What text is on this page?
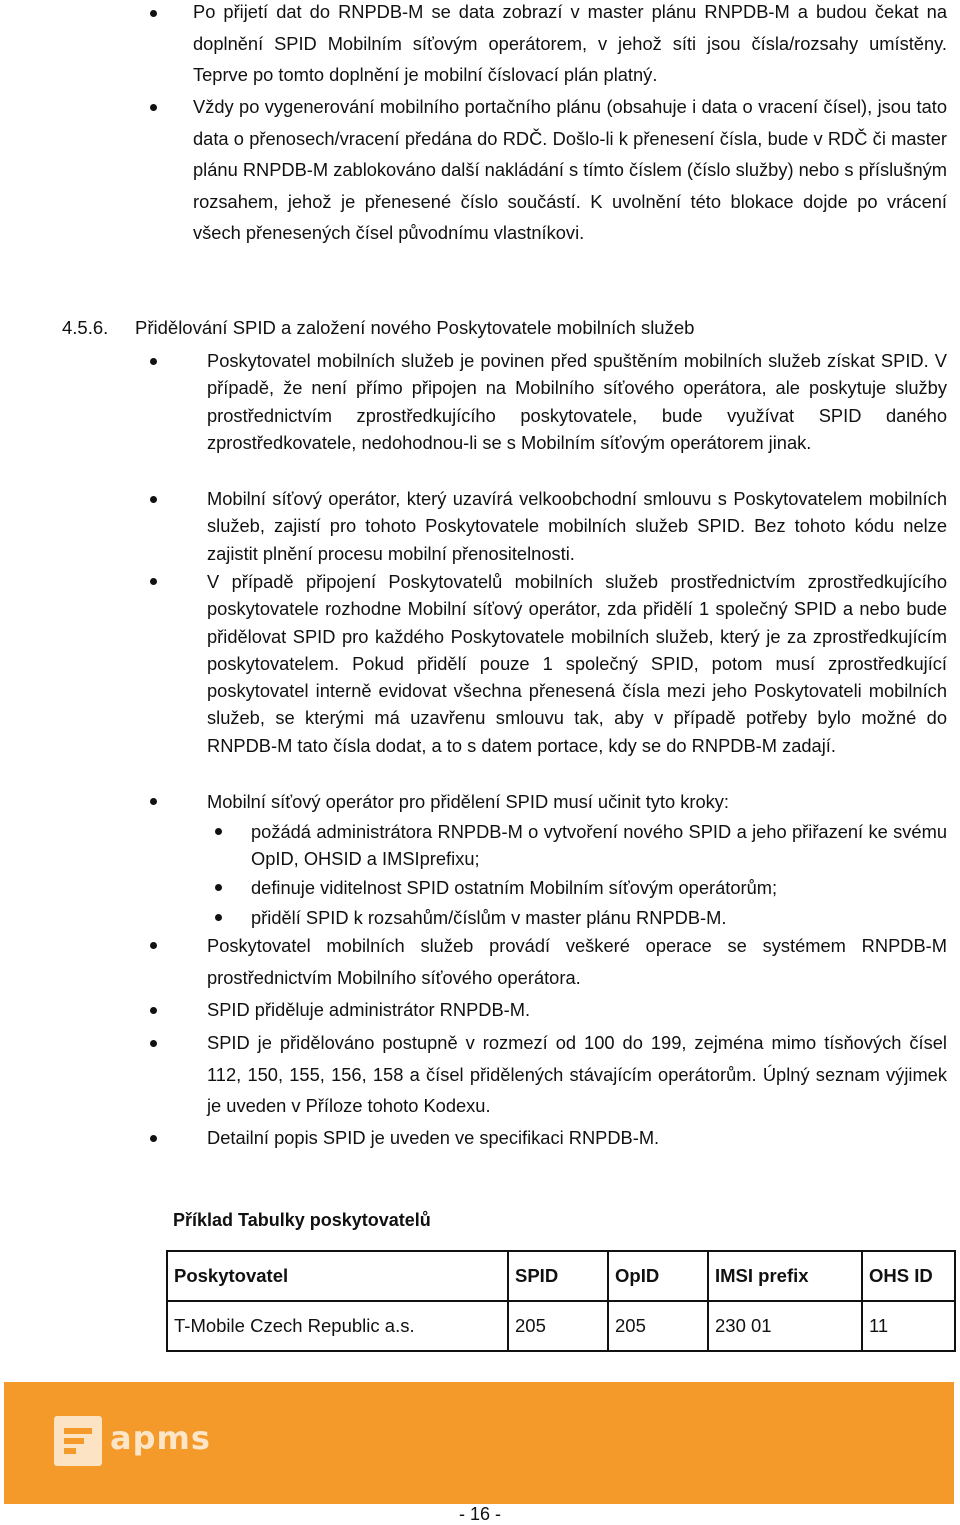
Po přijetí dat do RNPDB-M se data zobrazí v master plánu RNPDB-M a budou čekat na doplnění SPID Mobilním síťovým operátorem, v jehož síti jsou čísla/rozsahy umístěny. Teprve po tomto doplnění je mobilní číslovací plán platný.
Vždy po vygenerování mobilního portačního plánu (obsahuje i data o vracení čísel), jsou tato data o přenosech/vracení předána do RDČ. Došlo-li k přenesení čísla, bude v RDČ či master plánu RNPDB-M zablokováno další nakládání s tímto číslem (číslo služby) nebo s příslušným rozsahem, jehož je přenesené číslo součástí. K uvolnění této blokace dojde po vrácení všech přenesených čísel původnímu vlastníkovi.
4.5.6. Přidělování SPID a založení nového Poskytovatele mobilních služeb
Poskytovatel mobilních služeb je povinen před spuštěním mobilních služeb získat SPID. V případě, že není přímo připojen na Mobilního síťového operátora, ale poskytuje služby prostřednictvím zprostředkujícího poskytovatele, bude využívat SPID daného zprostředkovatele, nedohodnou-li se s Mobilním síťovým operátorem jinak.
Mobilní síťový operátor, který uzavírá velkoobchodní smlouvu s Poskytovatelem mobilních služeb, zajistí pro tohoto Poskytovatele mobilních služeb SPID. Bez tohoto kódu nelze zajistit plnění procesu mobilní přenositelnosti.
V případě připojení Poskytovatelů mobilních služeb prostřednictvím zprostředkujícího poskytovatele rozhodne Mobilní síťový operátor, zda přidělí 1 společný SPID a nebo bude přidělovat SPID pro každého Poskytovatele mobilních služeb, který je za zprostředkujícím poskytovatelem. Pokud přidělí pouze 1 společný SPID, potom musí zprostředkující poskytovatel interně evidovat všechna přenesená čísla mezi jeho Poskytovateli mobilních služeb, se kterými má uzavřenu smlouvu tak, aby v případě potřeby bylo možné do RNPDB-M tato čísla dodat, a to s datem portace, kdy se do RNPDB-M zadají.
Mobilní síťový operátor pro přidělení SPID musí učinit tyto kroky:
požádá administrátora RNPDB-M o vytvoření nového SPID a jeho přiřazení ke svému OpID, OHSID a IMSIprefixu;
definuje viditelnost SPID ostatním Mobilním síťovým operátorům;
přidělí SPID k rozsahům/číslům v master plánu RNPDB-M.
Poskytovatel mobilních služeb provádí veškeré operace se systémem RNPDB-M prostřednictvím Mobilního síťového operátora.
SPID přiděluje administrátor RNPDB-M.
SPID je přidělováno postupně v rozmezí od 100 do 199, zejména mimo tísňových čísel 112, 150, 155, 156, 158 a čísel přidělených stávajícím operátorům. Úplný seznam výjimek je uveden v Příloze tohoto Kodexu.
Detailní popis SPID je uveden ve specifikaci RNPDB-M.
Příklad Tabulky poskytovatelů
Poskytovatel	SPID	OpID	IMSI prefix	OHS ID
T-Mobile Czech Republic a.s.	205	205	230 01	11
apms
- 16 -
